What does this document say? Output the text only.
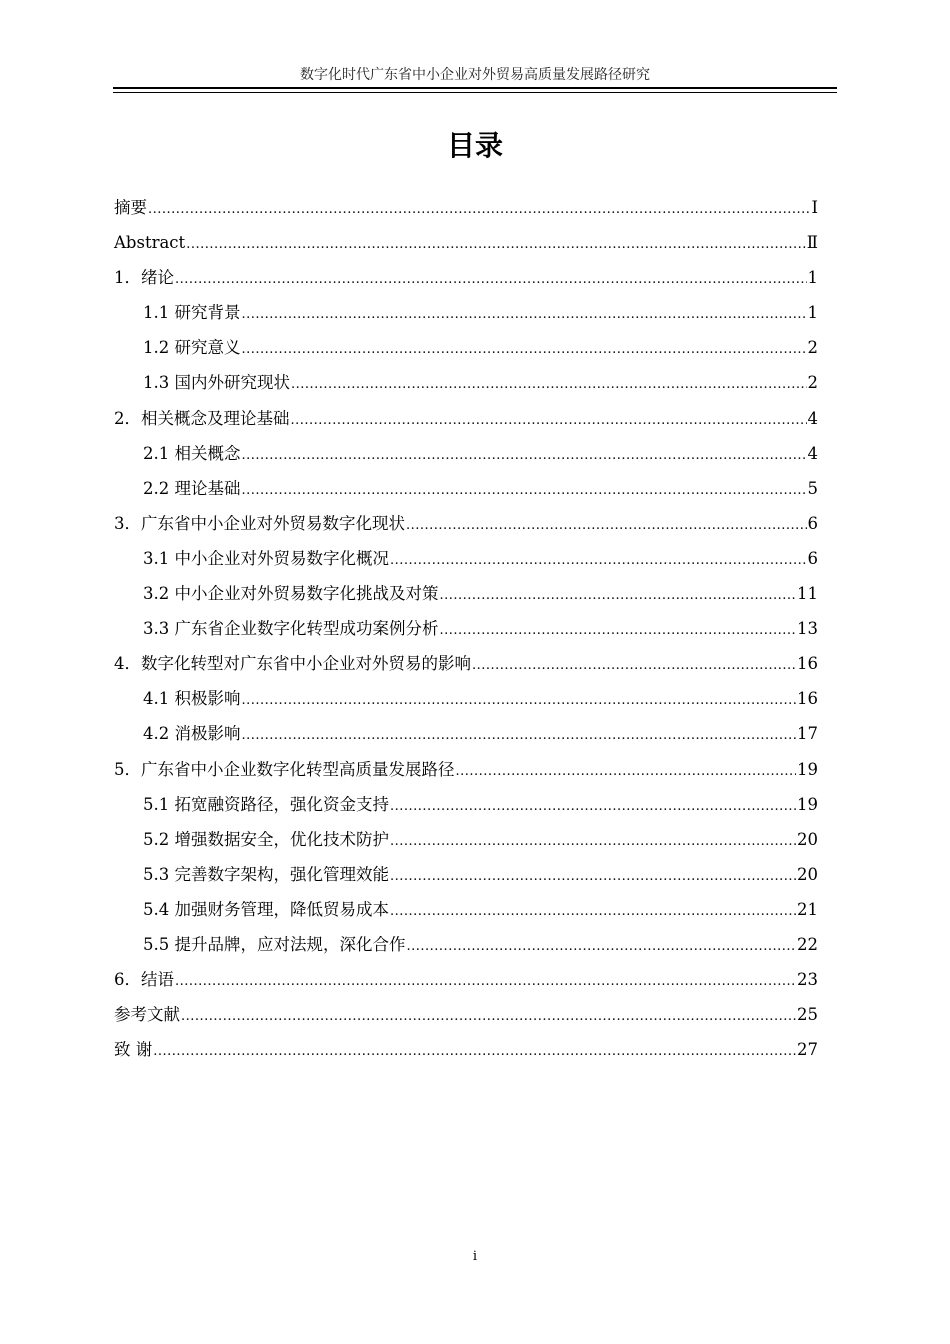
数字化时代广东省中小企业对外贸易高质量发展路径研究
目录
摘要 .....	Ⅰ
Abstract .....	Ⅱ
1．绪论 .....	1
1.1 研究背景 .....	1
1.2 研究意义 .....	2
1.3 国内外研究现状 .....	2
2．相关概念及理论基础 .....	4
2.1 相关概念 .....	4
2.2 理论基础 .....	5
3．广东省中小企业对外贸易数字化现状 .....	6
3.1 中小企业对外贸易数字化概况 .....	6
3.2 中小企业对外贸易数字化挑战及对策 .....	11
3.3 广东省企业数字化转型成功案例分析 .....	13
4．数字化转型对广东省中小企业对外贸易的影响 .....	16
4.1 积极影响 .....	16
4.2 消极影响 .....	17
5．广东省中小企业数字化转型高质量发展路径 .....	19
5.1 拓宽融资路径，强化资金支持 .....	19
5.2 增强数据安全，优化技术防护 .....	20
5.3 完善数字架构，强化管理效能 .....	20
5.4 加强财务管理，降低贸易成本 .....	21
5.5 提升品牌，应对法规，深化合作 .....	22
6．结语 .....	23
参考文献 .....	25
致 谢 .....	27
i
